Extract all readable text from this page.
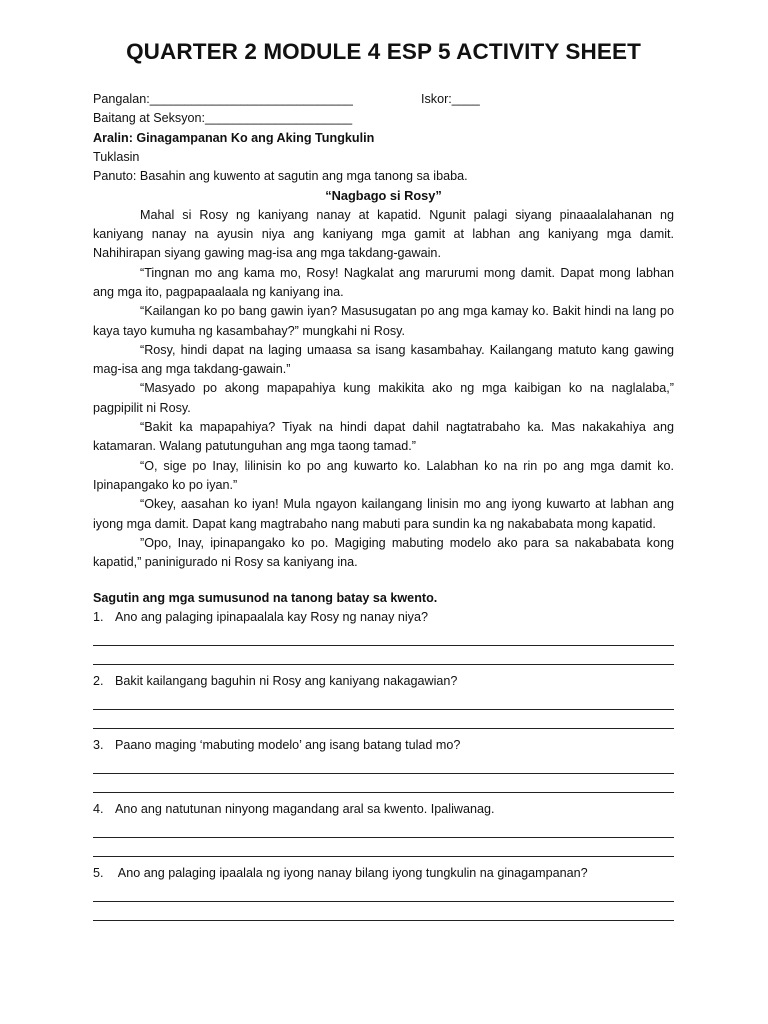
QUARTER 2 MODULE 4 ESP 5 ACTIVITY SHEET
Pangalan:_____________________________	Iskor:____
Baitang at Seksyon:_____________________
Aralin: Ginagampanan Ko ang Aking Tungkulin
Tuklasin
Panuto: Basahin ang kuwento at sagutin ang mga tanong sa ibaba.
“Nagbago si Rosy”
Mahal si Rosy ng kaniyang nanay at kapatid. Ngunit palagi siyang pinaaalalahanan ng kaniyang nanay na ayusin niya ang kaniyang mga gamit at labhan ang kaniyang mga damit. Nahihirapan siyang gawing mag-isa ang mga takdang-gawain.
“Tingnan mo ang kama mo, Rosy! Nagkalat ang marurumi mong damit. Dapat mong labhan ang mga ito, pagpapaalaala ng kaniyang ina.
“Kailangan ko po bang gawin iyan? Masusugatan po ang mga kamay ko. Bakit hindi na lang po kaya tayo kumuha ng kasambahay?” mungkahi ni Rosy.
“Rosy, hindi dapat na laging umaasa sa isang kasambahay. Kailangang matuto kang gawing mag-isa ang mga takdang-gawain.”
“Masyado po akong mapapahiya kung makikita ako ng mga kaibigan ko na naglalaba,” pagpipilit ni Rosy.
“Bakit ka mapapahiya? Tiyak na hindi dapat dahil nagtatrabaho ka. Mas nakakahiya ang katamaran. Walang patutunguhan ang mga taong tamad.”
“O, sige po Inay, lilinisin ko po ang kuwarto ko. Lalabhan ko na rin po ang mga damit ko. Ipinapangako ko po iyan.”
“Okey, aasahan ko iyan! Mula ngayon kailangang linisin mo ang iyong kuwarto at labhan ang iyong mga damit. Dapat kang magtrabaho nang mabuti para sundin ka ng nakababata mong kapatid.
”Opo, Inay, ipinapangako ko po. Magiging mabuting modelo ako para sa nakababata kong kapatid,” paninigurado ni Rosy sa kaniyang ina.
Sagutin ang mga sumusunod na tanong batay sa kwento.
1. Ano ang palaging ipinapaalala kay Rosy ng nanay niya?
2. Bakit kailangang baguhin ni Rosy ang kaniyang nakagawian?
3. Paano maging ‘mabuting modelo’ ang isang batang tulad mo?
4. Ano ang natutunan ninyong magandang aral sa kwento. Ipaliwanag.
5. Ano ang palaging ipaalala ng iyong nanay bilang iyong tungkulin na ginagampanan?
